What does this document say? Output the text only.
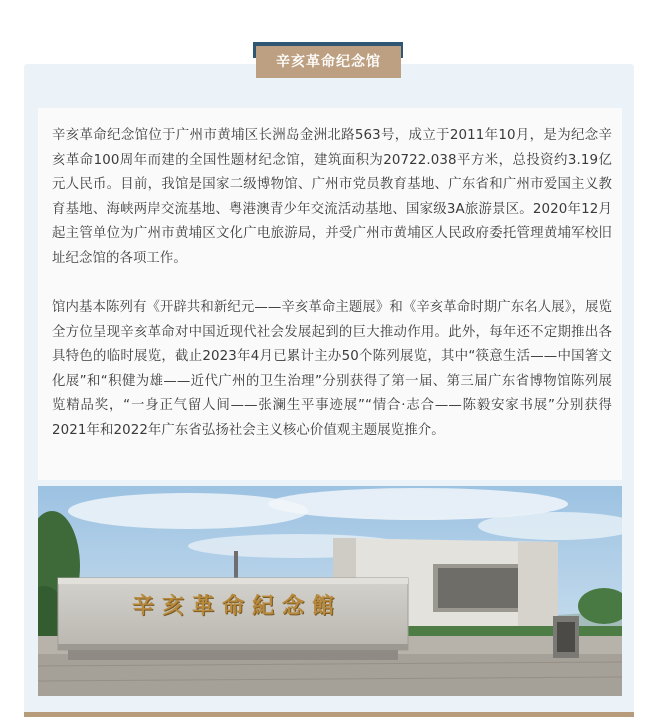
辛亥革命纪念馆

辛亥革命纪念馆位于广州市黄埔区长洲岛金洲北路563号，成立于2011年10月，是为纪念辛亥革命100周年而建的全国性题材纪念馆，建筑面积为20722.038平方米，总投资约3.19亿元人民币。目前，我馆是国家二级博物馆、广州市党员教育基地、广东省和广州市爱国主义教育基地、海峡两岸交流基地、粤港澳青少年交流活动基地、国家级3A旅游景区。2020年12月起主管单位为广州市黄埔区文化广电旅游局，并受广州市黄埔区人民政府委托管理黄埔军校旧址纪念馆的各项工作。

馆内基本陈列有《开辟共和新纪元——辛亥革命主题展》和《辛亥革命时期广东名人展》，展览全方位呈现辛亥革命对中国近现代社会发展起到的巨大推动作用。此外，每年还不定期推出各具特色的临时展览，截止2023年4月已累计主办50个陈列展览，其中“筷意生活——中国箸文化展”和“积健为雄——近代广州的卫生治理”分别获得了第一届、第三届广东省博物馆陈列展览精品奖，“一身正气留人间——张澜生平事迹展”“情合·志合——陈毅安家书展”分别获得2021年和2022年广东省弘扬社会主义核心价值观主题展览推介。

辛亥革命紀念館
